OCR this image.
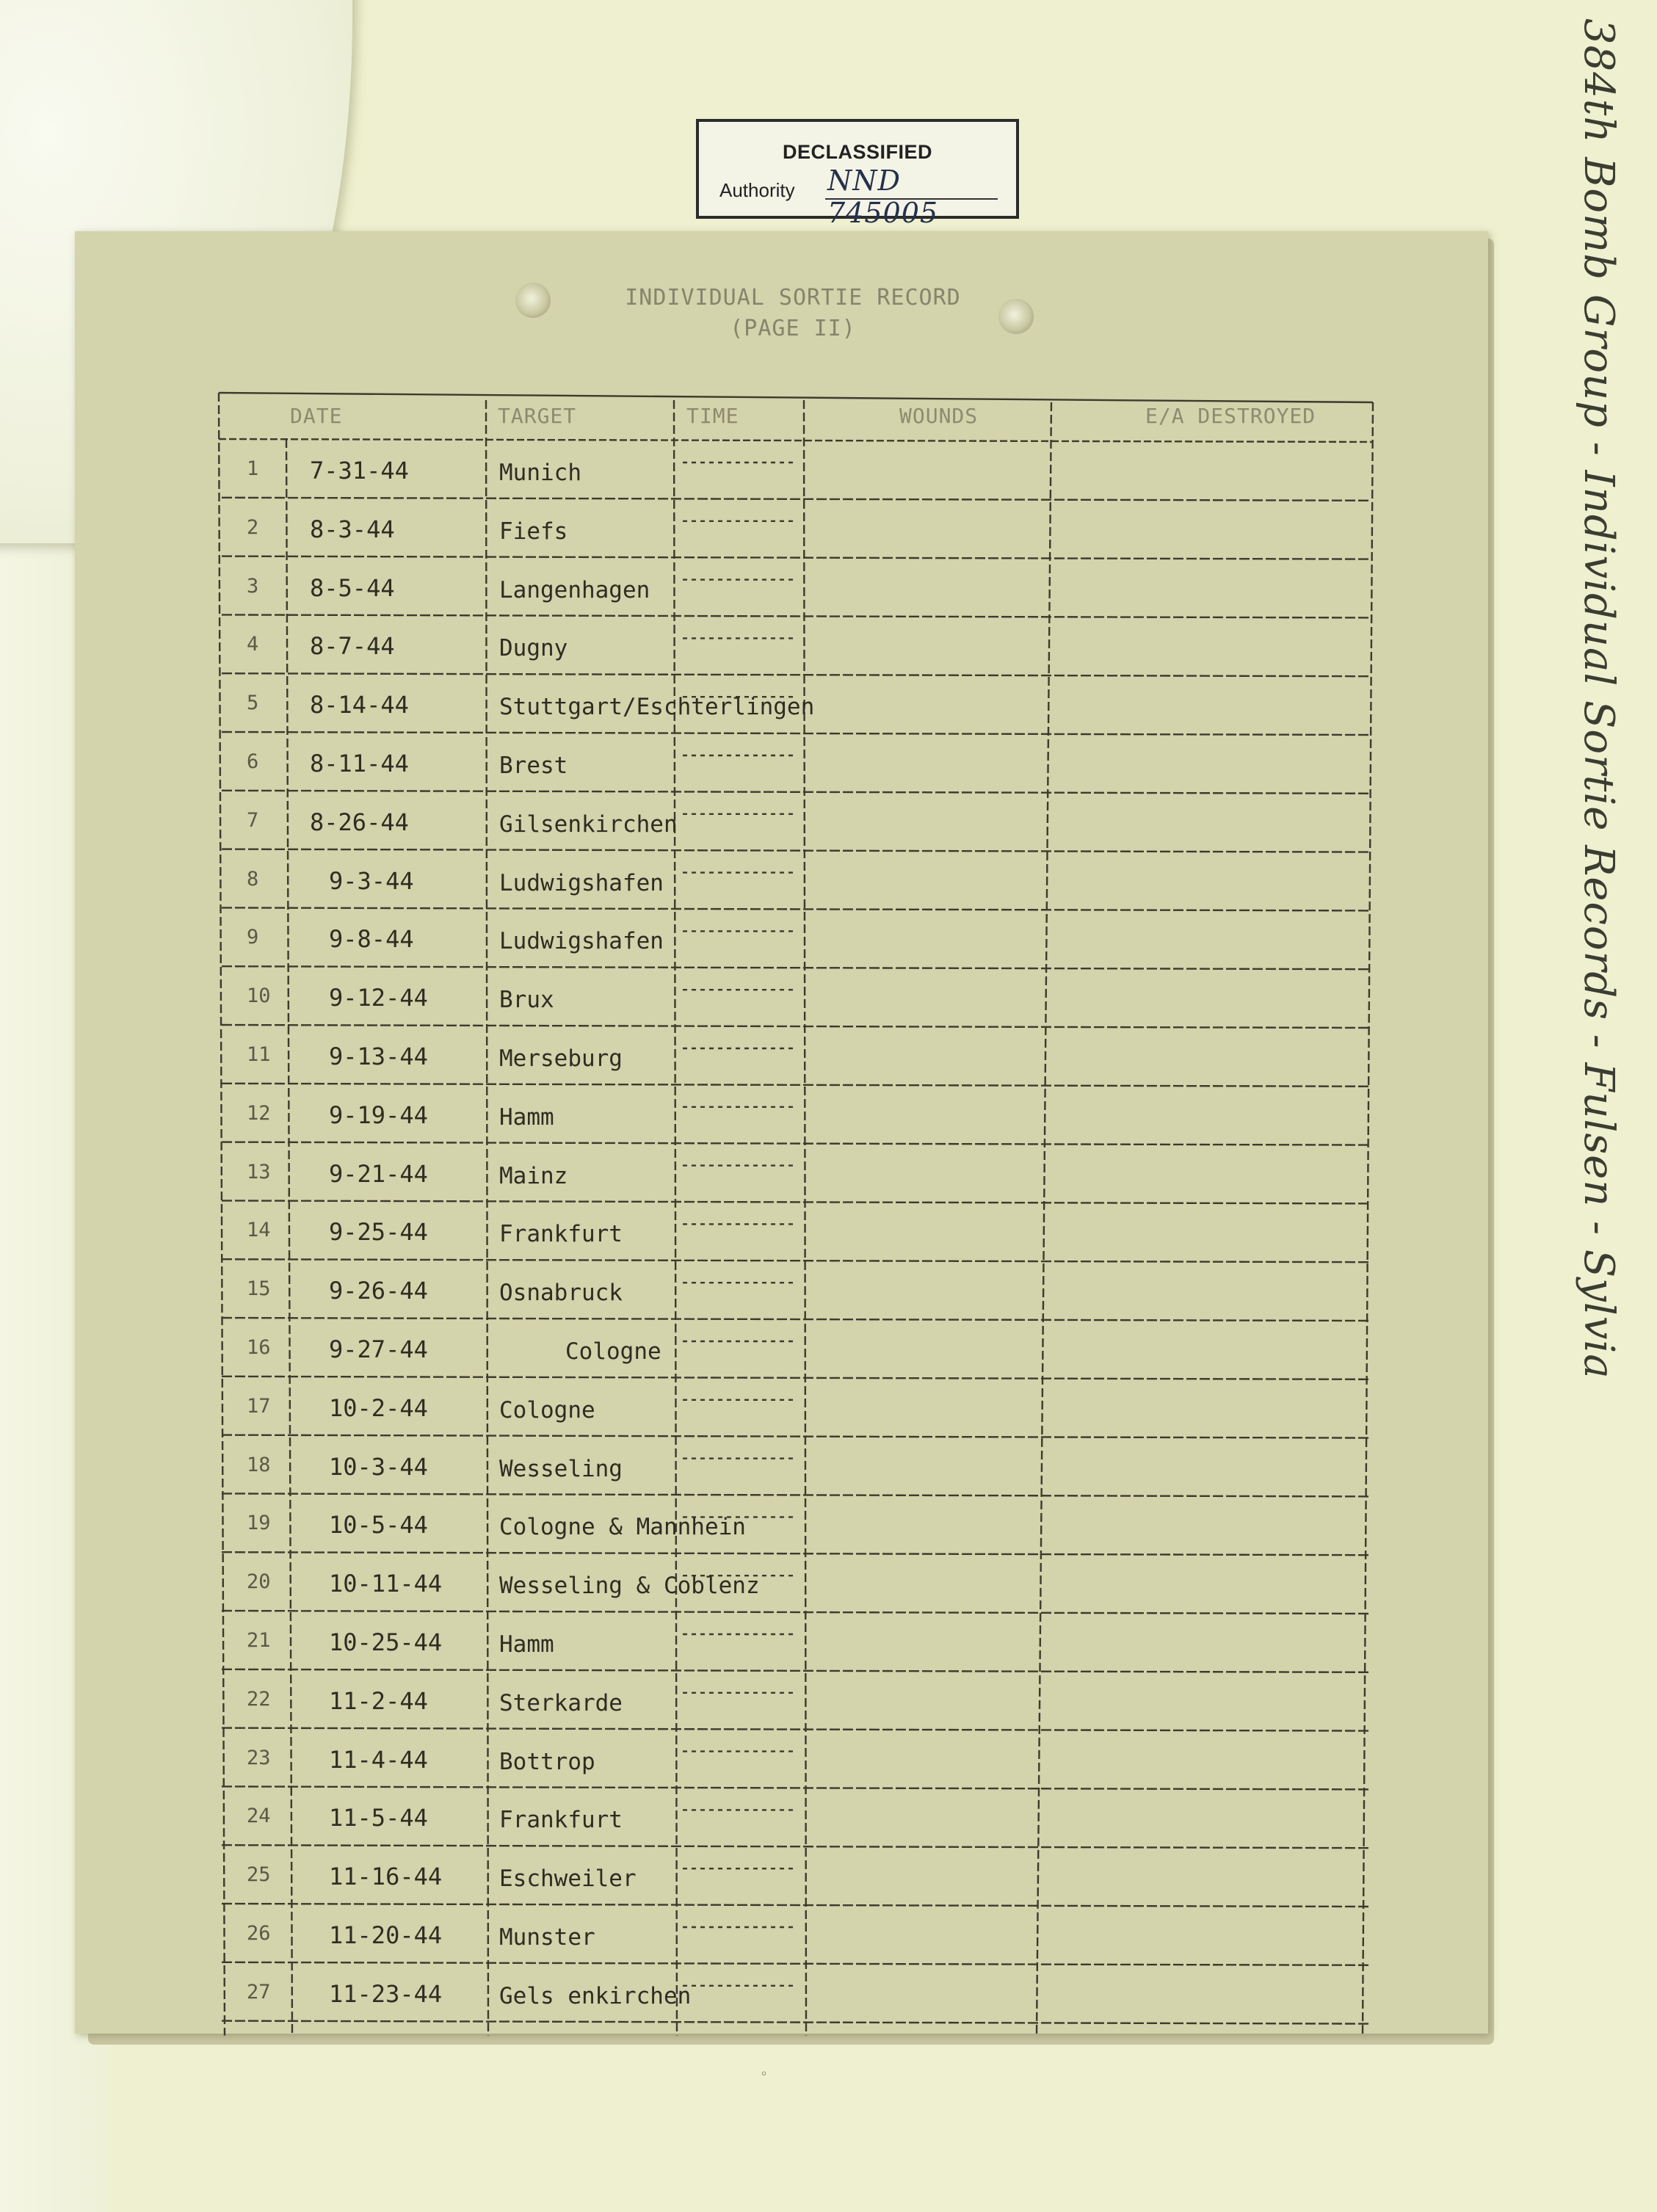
DECLASSIFIED
Authority NND 745005	384th Bomb Group - Individual Sortie Records - Fulsen - Sylvia
INDIVIDUAL SORTIE RECORD
(PAGE II)
DATE	TARGET	TIME	WOUNDS	E/A DESTROYED
1 7-31-44	Munich
2 8-3-44	Fiefs
3 8-5-44	Langenhagen
4 8-7-44	Dugny
5 8-14-44	Stuttgart/Eschterlingen
6 8-11-44	Brest
7 8-26-44	Gilsenkirchen
8	9-3-44	Ludwigshafen
9	9-8-44	Ludwigshafen
10 9-12-44	Brux
11 9-13-44	Merseburg
12 9-19-44	Hamm
13 9-21-44	Mainz
14 9-25-44	Frankfurt
15 9-26-44	Osnabruck
16 9-27-44	Cologne
17 10-2-44	Cologne
18 10-3-44	Wesseling
19 10-5-44	Cologne & Mannhein
20 10-11-44	Wesseling & Coblenz
21 10-25-44	Hamm
22 11-2-44	Sterkarde
23 11-4-44	Bottrop
24 11-5-44	Frankfurt
25 11-16-44	Eschweiler
26 11-20-44	Munster
27 11-23-44	Gels enkirchen
◦
